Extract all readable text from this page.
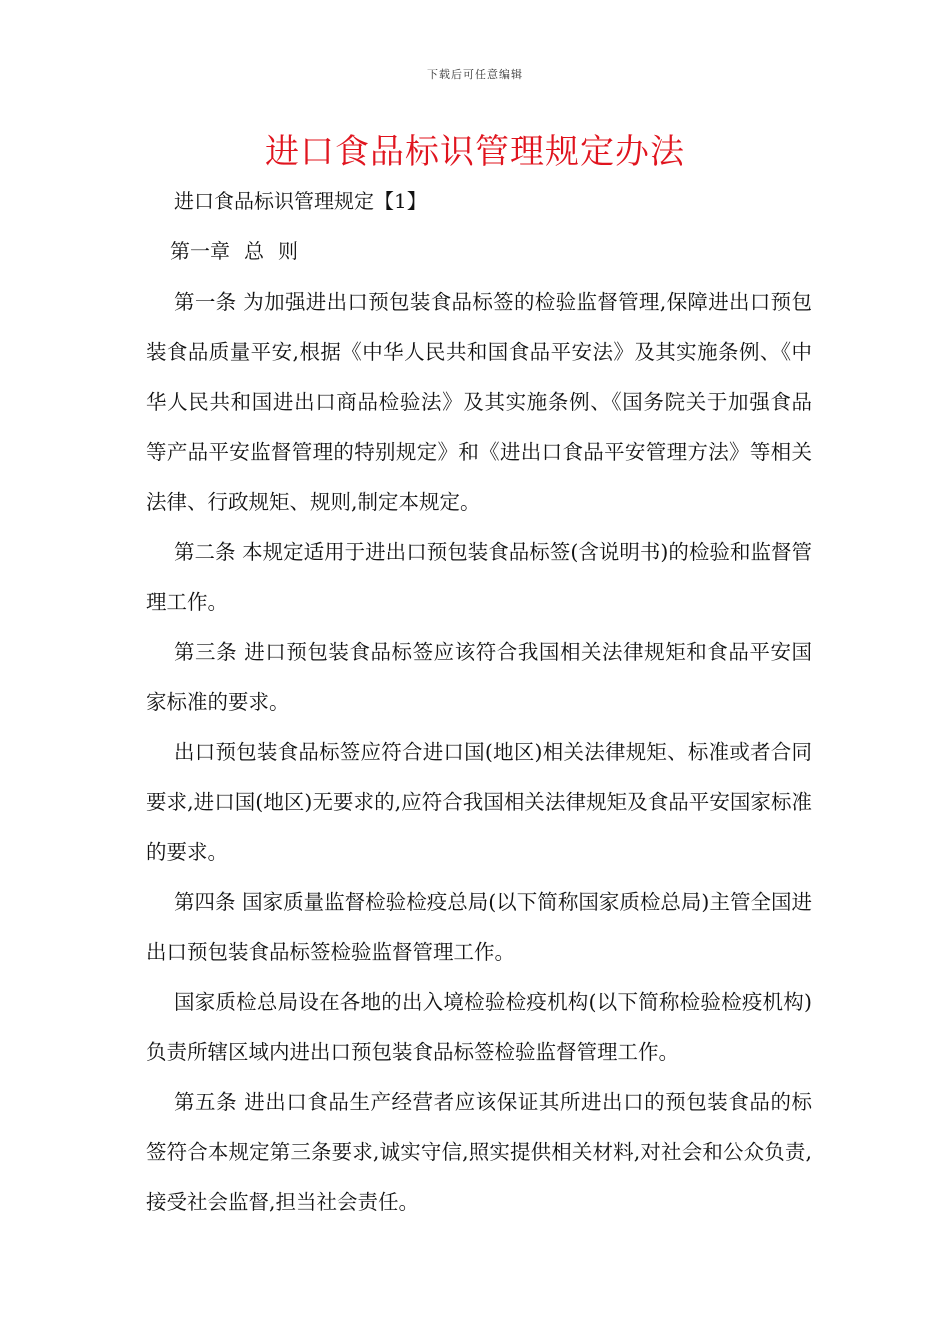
下载后可任意编辑
进口食品标识管理规定办法
进口食品标识管理规定【1】
第一章 总 则

第一条 为加强进出口预包装食品标签的检验监督管理,保障进出口预包装食品质量平安,根据《中华人民共和国食品平安法》及其实施条例、《中华人民共和国进出口商品检验法》及其实施条例、《国务院关于加强食品等产品平安监督管理的特别规定》和《进出口食品平安管理方法》等相关法律、行政规矩、规则,制定本规定。

第二条 本规定适用于进出口预包装食品标签(含说明书)的检验和监督管理工作。

第三条 进口预包装食品标签应该符合我国相关法律规矩和食品平安国家标准的要求。

出口预包装食品标签应符合进口国(地区)相关法律规矩、标准或者合同要求,进口国(地区)无要求的,应符合我国相关法律规矩及食品平安国家标准的要求。

第四条 国家质量监督检验检疫总局(以下简称国家质检总局)主管全国进出口预包装食品标签检验监督管理工作。

国家质检总局设在各地的出入境检验检疫机构(以下简称检验检疫机构)负责所辖区域内进出口预包装食品标签检验监督管理工作。

第五条 进出口食品生产经营者应该保证其所进出口的预包装食品的标签符合本规定第三条要求,诚实守信,照实提供相关材料,对社会和公众负责,接受社会监督,担当社会责任。
